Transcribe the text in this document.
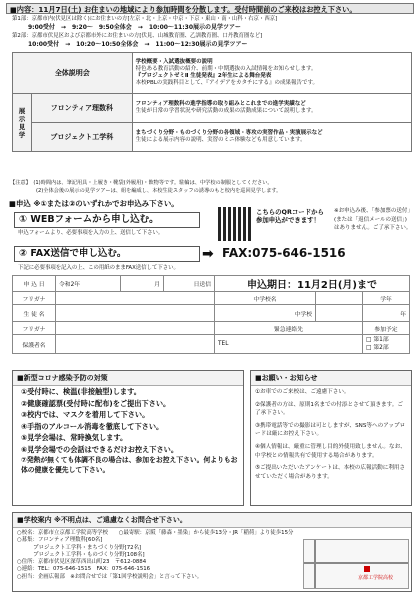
■内容：11月7日(土) お住まいの地域により参加時間を分散します。受付時間前のご来校はお控え下さい。
第1部：京都市内(伏見区は除く)にお住まいの方[左京・北・上京・中京・下京・東山・南・山科・右京・西京]
9:00受付　→　9:20～　9:50全体会　→　10:00～11:30展示の見学ツアー
第2部：京都市伏見区および京都市外にお住まいの方[伏見、山城教育圏、乙訓教育圏、口丹教育圏など]
10:00受付　→　10:20～10:50全体会　→　11:00～12:30展示の見学ツアー
全体説明会		学校概要・入試選抜概要の説明
特色ある教育活動の紹介、前期・中期選抜の入試情報をお知らせします。
『プロジェクトゼミⅡ 生徒発表』2年生による舞台発表
本校PBLの実践科目として、『アイデアをカタチにする』の成果報告です。

展示見学	フロンティア理数科	フロンティア理数科の進学指導の取り組みとこれまでの進学実績など
生徒が日常の学習状況や研究活動の成果の活動成果について説明します。

	プロジェクト工学科	まちづくり分野・ものづくり分野の各領域・専攻の実習作品・実演展示など
生徒による展示内容の説明、実習のミニ体験なども用意しています。
【注意】　(1)時間内は、筆記用具・上履き・靴袋(外履用)・飲物等です。駐輪は、中学校の制服としてください。
　　　　　(2)全体会後の展示の見学ツアーは、組を編成し、本校生徒スタッフの誘導のもと校内を巡回見学します。
■申込 ※①または②のいずれかでお申込み下さい。
① WEBフォームから申し込む。
申込フォームより、必要事項を入力の上、送信して下さい。
こちらのQRコードから参加申込ができます！
※お申込み後、「参加票の送付」(または「返信メールの送信」)はありません。ご了承下さい。
② FAX送信で申し込む。	➡ FAX:075-646-1516
下記に必要事項を記入の上、この用紙のままFAX送信して下さい。
申 込 日	令和2年	月	日送信	申込期日：11月2日(月)まで		
フリガナ				中学校名		学年
生 徒 名				中学校		年
フリガナ				緊急連絡先		参加予定
保護者名				TEL		□ 第1部
□ 第2部
■新型コロナ感染予防の対策
①受付時に、検温(非接触型)します。
②健康確認票(受付時に配布)をご提出下さい。
③校内では、マスクを着用して下さい。
④手指のアルコール消毒を徹底して下さい。
⑤見学会場は、常時換気します。
⑥見学会場での会話はできるだけお控え下さい。
⑦発熱が無くても体調不良の場合は、参加をお控え下さい。何よりもお体の健康を優先して下さい。
■お願い・お知らせ
①お車でのご来校は、ご遠慮下さい。
②保護者の方は、原則1名までの付添とさせて頂きます。ご了承下さい。
③携帯電話等での撮影は可としますが、SNS等へのアップロードは厳にお控え下さい。
④個人情報は、厳重に管理し目的外使用致しません。なお、中学校との情報共有で使用する場合があります。
⑤ご提出いただいたアンケートは、本校の広報活動に利用させていただく場合があります。
■学校案内 ※不明点は、ご遠慮なくお問合せ下さい。
○校名：京都市立京都工学院高等学校　　○最寄駅：京阪「藤森・墨染」から徒歩13分・JR「稲荷」より徒歩15分
○募集：フロンティア理数科[60名]
　　　プロジェクト工学科・まちづくり分野[72名]
　　　プロジェクト工学科・ものづくり分野[108名]
○住所：京都市伏見区深草西出山町23　〒612-0884
○連絡：TEL：075-646-1515　FAX：075-646-1516
○担当：企画広報部　※お問合せでは「第1回学校説明会」と言って下さい。	京都工学院高校
